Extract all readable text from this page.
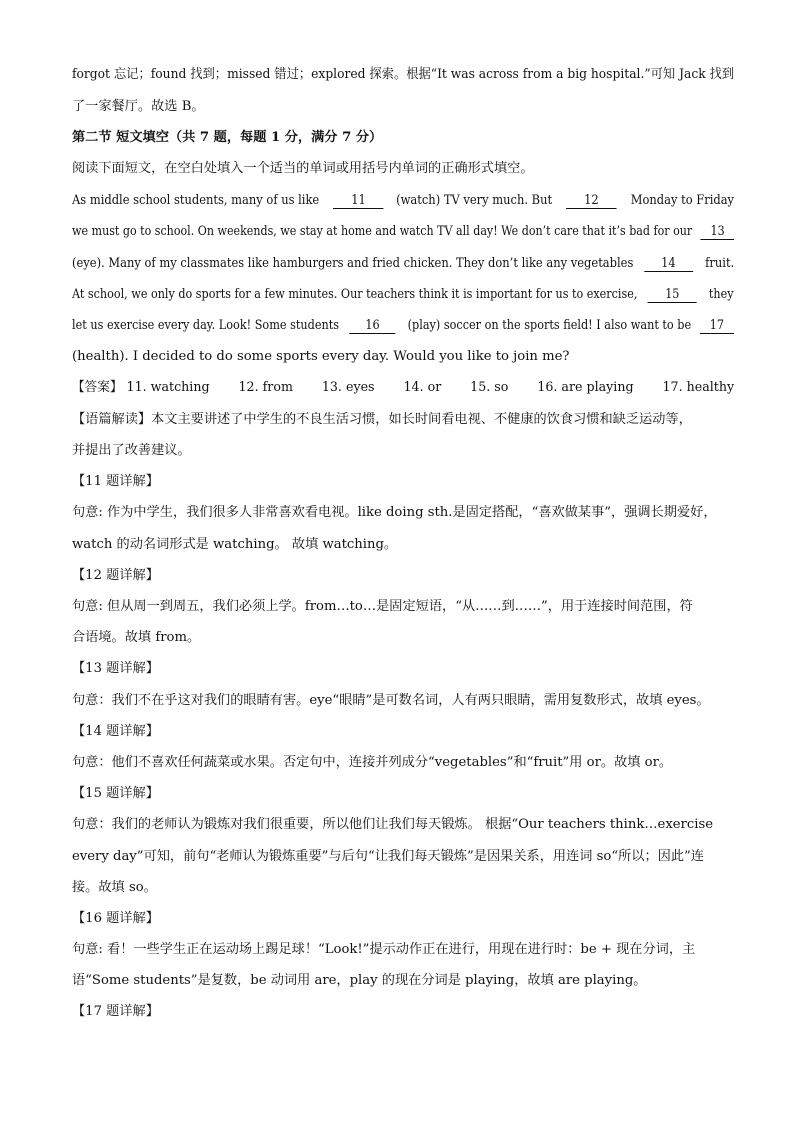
forgot 忘记；found 找到；missed 错过；explored 探索。根据“It was across from a big hospital.”可知 Jack 找到
了一家餐厅。故选 B。
第二节 短文填空（共 7 题，每题 1 分，满分 7 分）
阅读下面短文，在空白处填入一个适当的单词或用括号内单词的正确形式填空。
As middle school students, many of us like 11 (watch) TV very much. But 12 Monday to Friday
we must go to school. On weekends, we stay at home and watch TV all day! We don’t care that it’s bad for our 13
(eye). Many of my classmates like hamburgers and fried chicken. They don’t like any vegetables 14 fruit.
At school, we only do sports for a few minutes. Our teachers think it is important for us to exercise, 15 they
let us exercise every day. Look! Some students 16 (play) soccer on the sports field! I also want to be 17
(health). I decided to do some sports every day. Would you like to join me?
【答案】 11. watching 12. from 13. eyes 14. or 15. so 16. are playing 17. healthy
【语篇解读】本文主要讲述了中学生的不良生活习惯，如长时间看电视、不健康的饮食习惯和缺乏运动等，
并提出了改善建议。
【11 题详解】
句意: 作为中学生，我们很多人非常喜欢看电视。like doing sth.是固定搭配，“喜欢做某事”，强调长期爱好，
watch 的动名词形式是 watching。 故填 watching。
【12 题详解】
句意: 但从周一到周五，我们必须上学。from…to…是固定短语，“从……到……”，用于连接时间范围，符
合语境。故填 from。
【13 题详解】
句意：我们不在乎这对我们的眼睛有害。eye“眼睛”是可数名词，人有两只眼睛，需用复数形式，故填 eyes。
【14 题详解】
句意：他们不喜欢任何蔬菜或水果。否定句中，连接并列成分“vegetables”和“fruit”用 or。故填 or。
【15 题详解】
句意：我们的老师认为锻炼对我们很重要，所以他们让我们每天锻炼。 根据“Our teachers think…exercise
every day”可知，前句“老师认为锻炼重要”与后句“让我们每天锻炼”是因果关系，用连词 so“所以；因此”连
接。故填 so。
【16 题详解】
句意: 看！一些学生正在运动场上踢足球！“Look!”提示动作正在进行，用现在进行时：be + 现在分词，主
语“Some students”是复数，be 动词用 are，play 的现在分词是 playing，故填 are playing。
【17 题详解】
